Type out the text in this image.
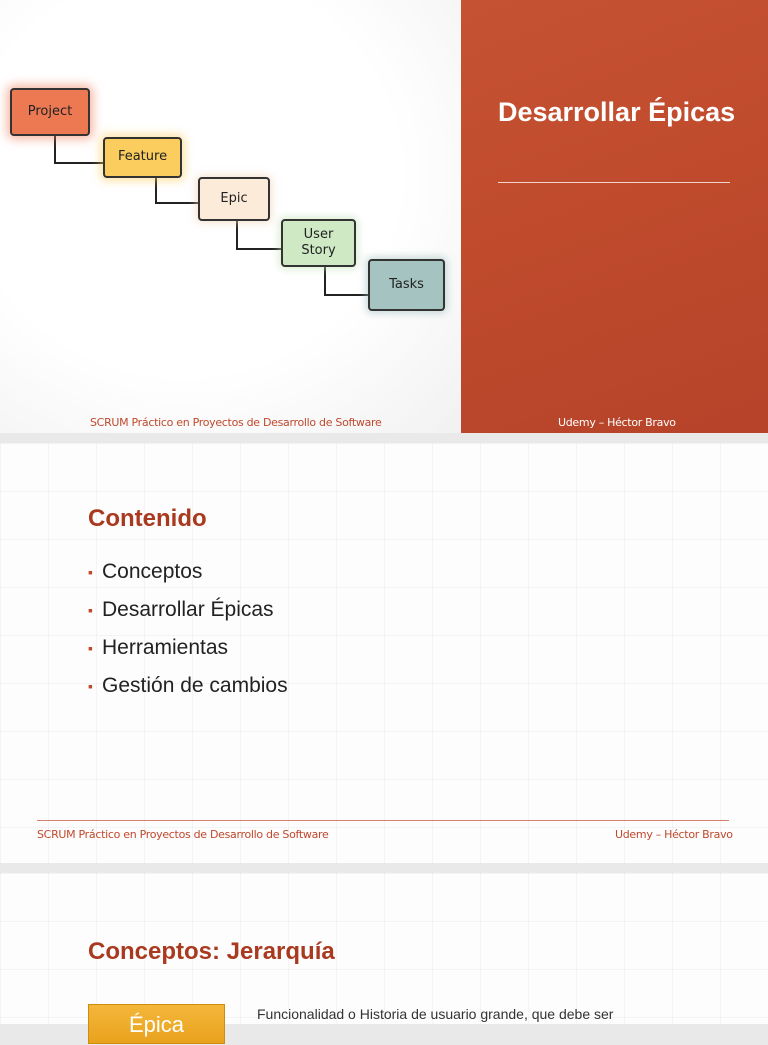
Project
Feature
Epic
User
Story
Tasks
Desarrollar Épicas
SCRUM Práctico en Proyectos de Desarrollo de Software	Udemy – Héctor Bravo
Contenido
▪ Conceptos
▪ Desarrollar Épicas
▪ Herramientas
▪ Gestión de cambios
SCRUM Práctico en Proyectos de Desarrollo de Software	Udemy – Héctor Bravo
Conceptos: Jerarquía
Épica	Funcionalidad o Historia de usuario grande, que debe ser
